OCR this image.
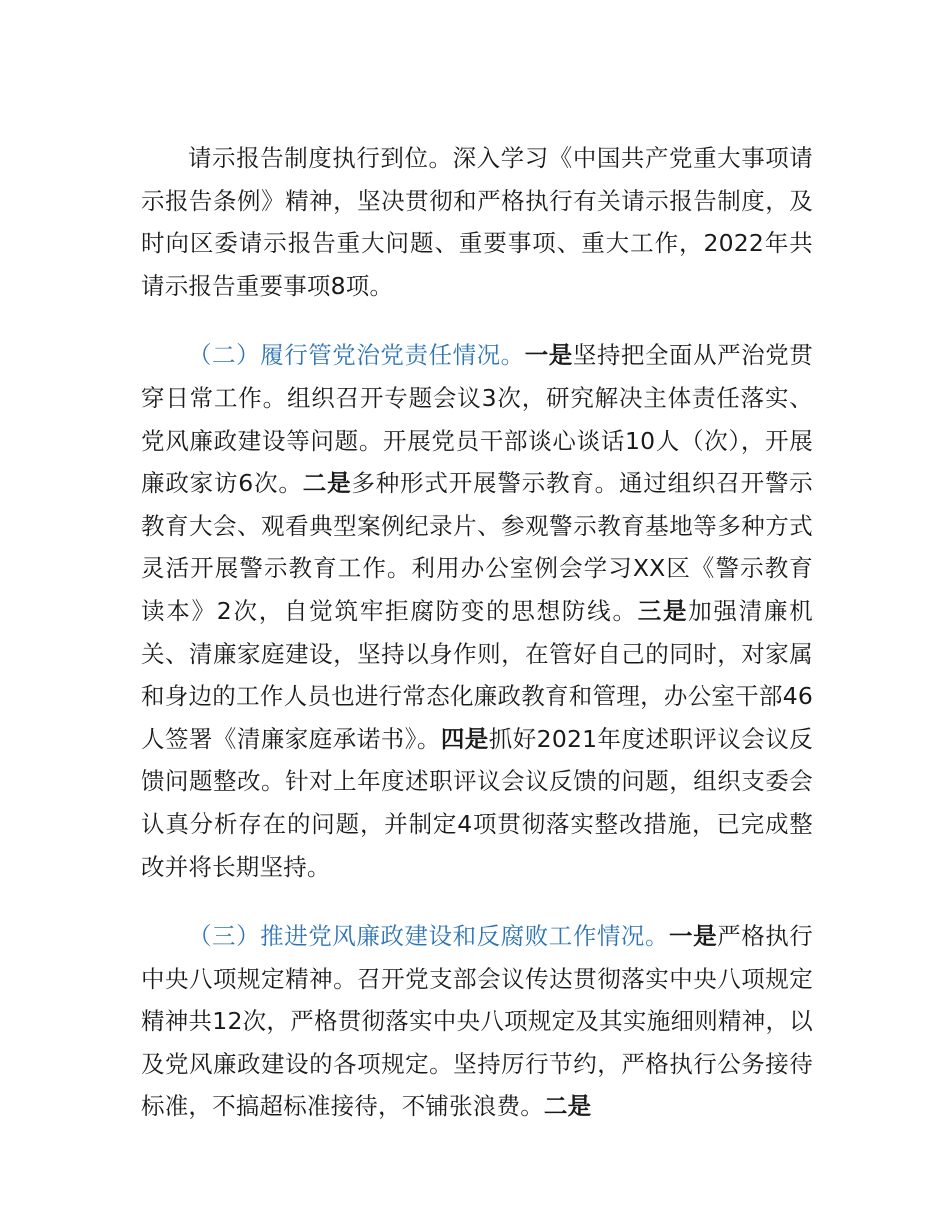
请示报告制度执行到位。深入学习《中国共产党重大事项请示报告条例》精神，坚决贯彻和严格执行有关请示报告制度，及时向区委请示报告重大问题、重要事项、重大工作，2022年共请示报告重要事项8项。

（二）履行管党治党责任情况。一是坚持把全面从严治党贯穿日常工作。组织召开专题会议3次，研究解决主体责任落实、党风廉政建设等问题。开展党员干部谈心谈话10人（次），开展廉政家访6次。二是多种形式开展警示教育。通过组织召开警示教育大会、观看典型案例纪录片、参观警示教育基地等多种方式灵活开展警示教育工作。利用办公室例会学习XX区《警示教育读本》2次，自觉筑牢拒腐防变的思想防线。三是加强清廉机关、清廉家庭建设，坚持以身作则，在管好自己的同时，对家属和身边的工作人员也进行常态化廉政教育和管理，办公室干部46人签署《清廉家庭承诺书》。四是抓好2021年度述职评议会议反馈问题整改。针对上年度述职评议会议反馈的问题，组织支委会认真分析存在的问题，并制定4项贯彻落实整改措施，已完成整改并将长期坚持。

（三）推进党风廉政建设和反腐败工作情况。一是严格执行中央八项规定精神。召开党支部会议传达贯彻落实中央八项规定精神共12次，严格贯彻落实中央八项规定及其实施细则精神，以及党风廉政建设的各项规定。坚持厉行节约，严格执行公务接待标准，不搞超标准接待，不铺张浪费。二是
